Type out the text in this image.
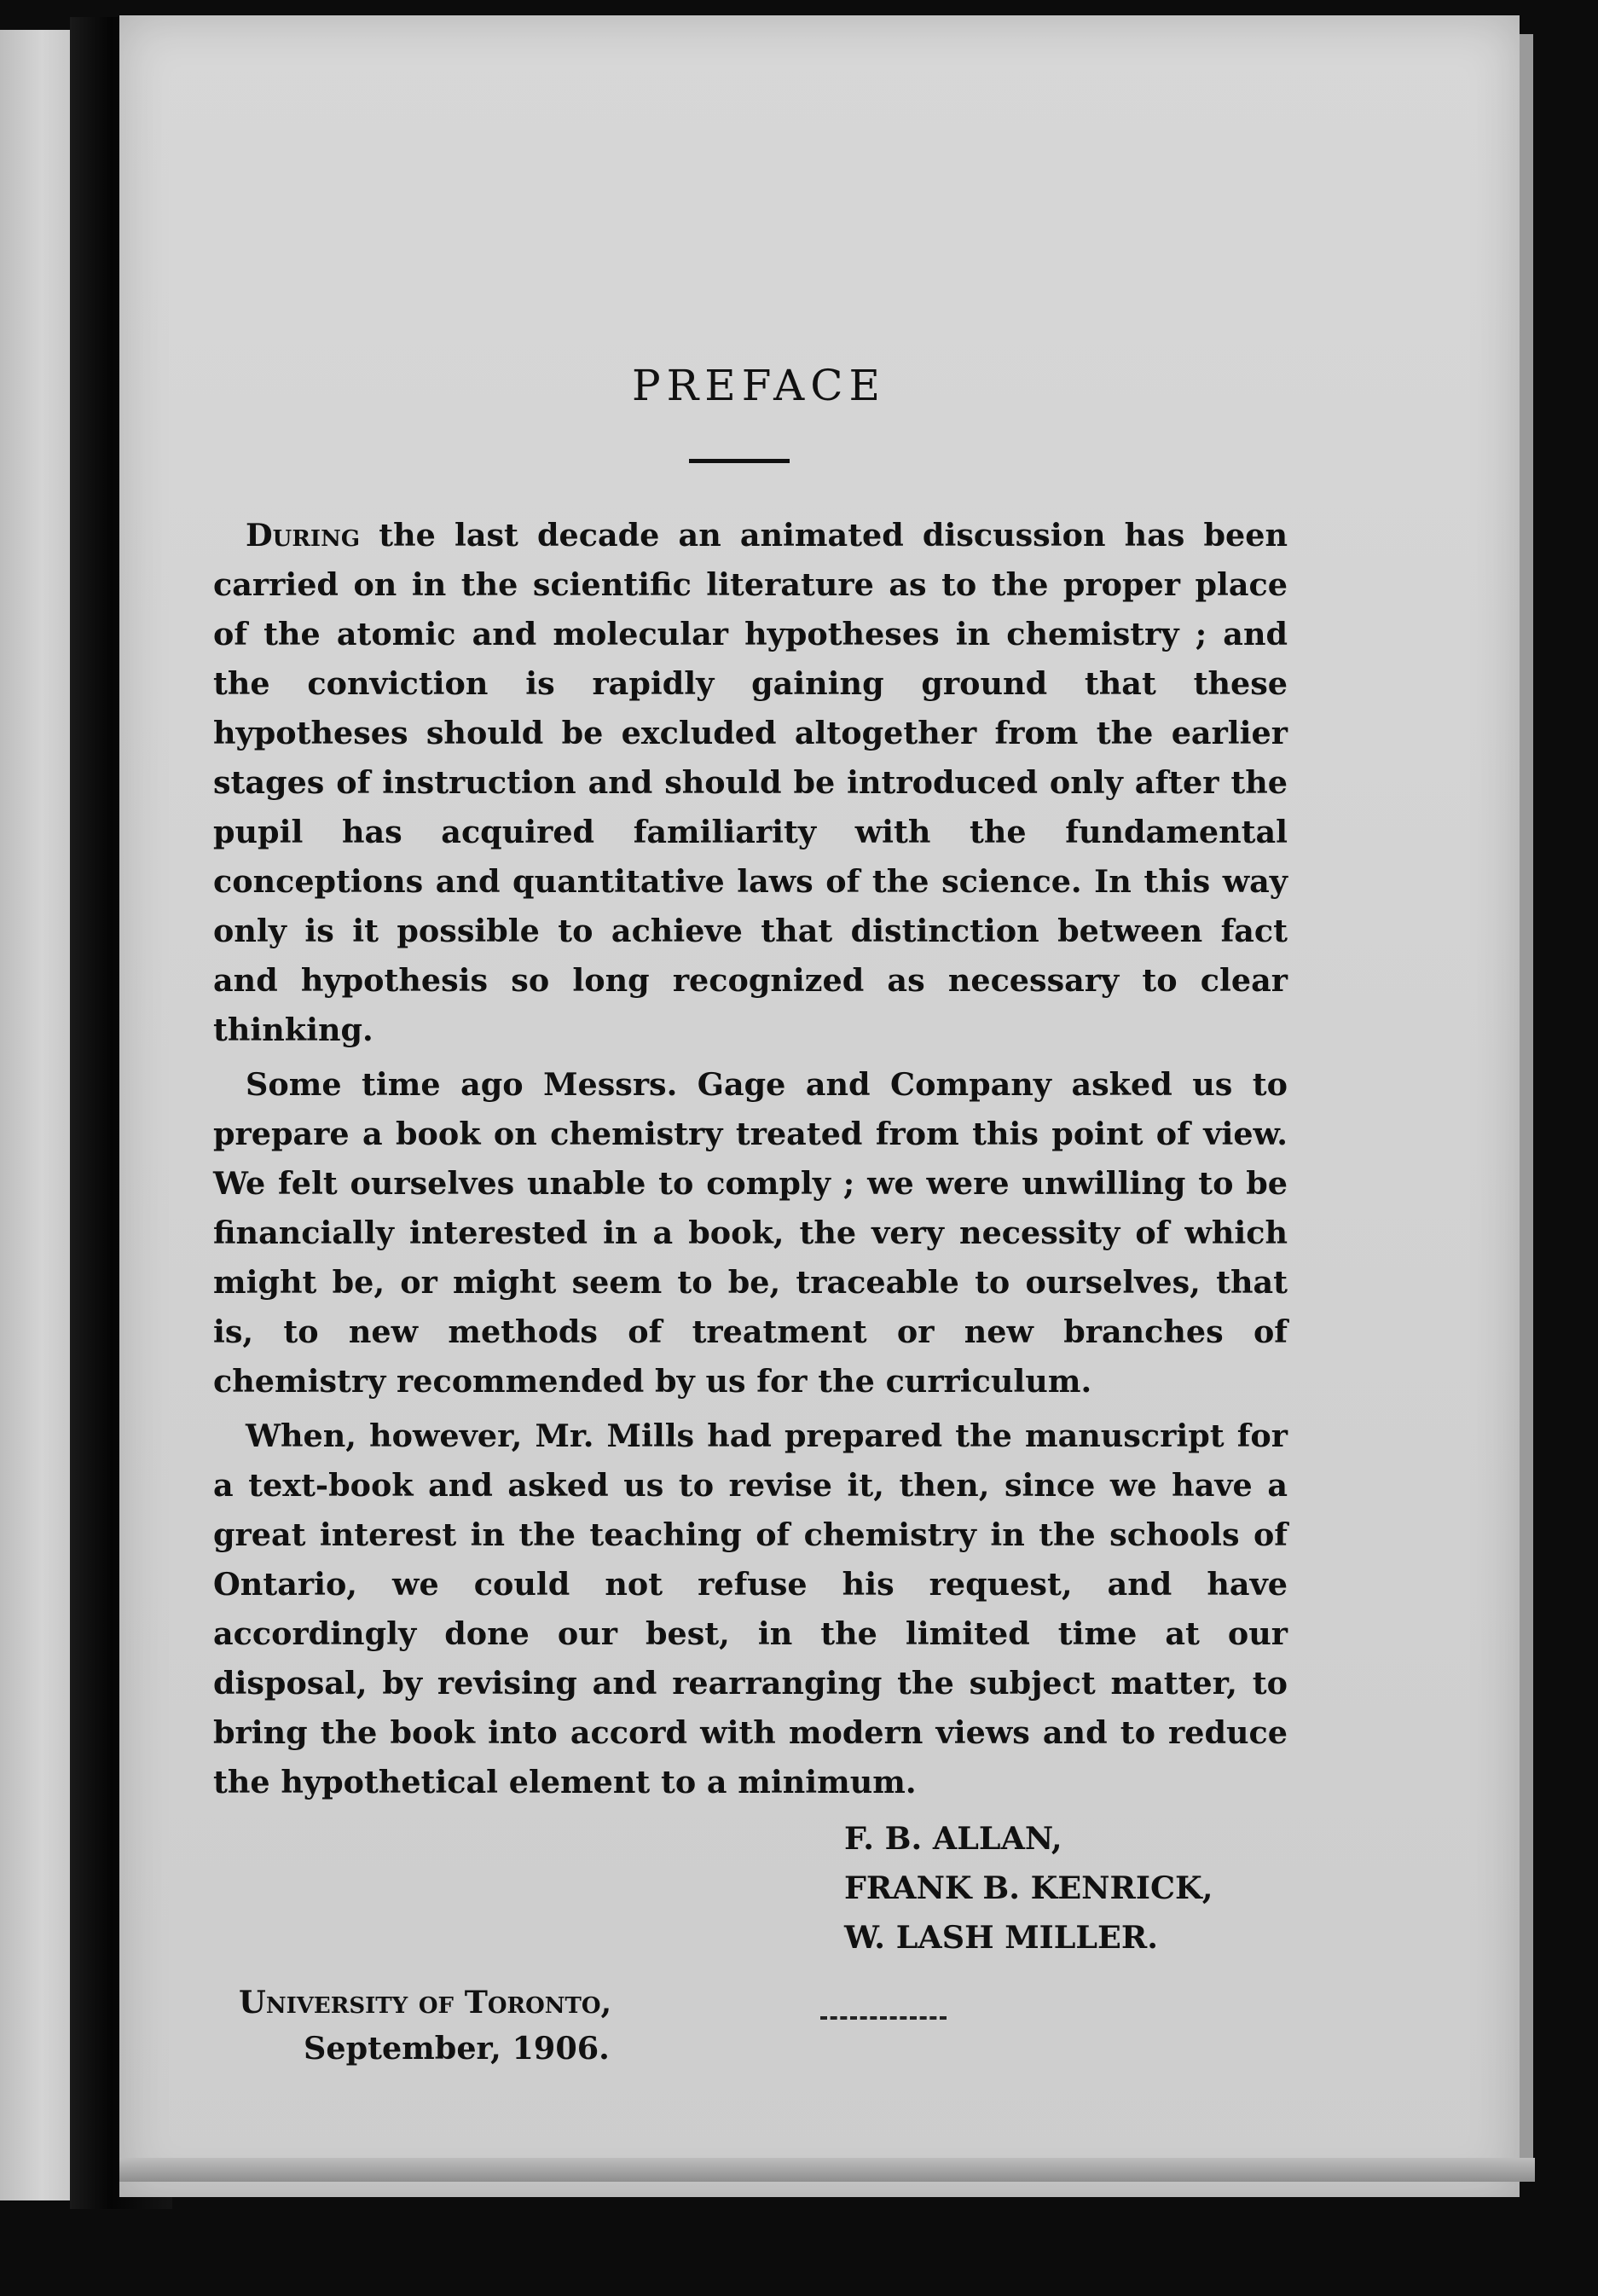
PREFACE

During the last decade an animated discussion has been carried on in the scientific literature as to the proper place of the atomic and molecular hypotheses in chemistry ; and the conviction is rapidly gaining ground that these hypotheses should be excluded altogether from the earlier stages of instruction and should be introduced only after the pupil has acquired familiarity with the fundamental conceptions and quantitative laws of the science. In this way only is it possible to achieve that distinction between fact and hypothesis so long recognized as necessary to clear thinking.

Some time ago Messrs. Gage and Company asked us to prepare a book on chemistry treated from this point of view. We felt ourselves unable to comply ; we were unwilling to be financially interested in a book, the very necessity of which might be, or might seem to be, traceable to ourselves, that is, to new methods of treatment or new branches of chemistry recommended by us for the curriculum.

When, however, Mr. Mills had prepared the manuscript for a text-book and asked us to revise it, then, since we have a great interest in the teaching of chemistry in the schools of Ontario, we could not refuse his request, and have accordingly done our best, in the limited time at our disposal, by revising and rearranging the subject matter, to bring the book into accord with modern views and to reduce the hypothetical element to a minimum.

F. B. ALLAN,
FRANK B. KENRICK,
W. LASH MILLER.
University of Toronto,
September, 1906.
